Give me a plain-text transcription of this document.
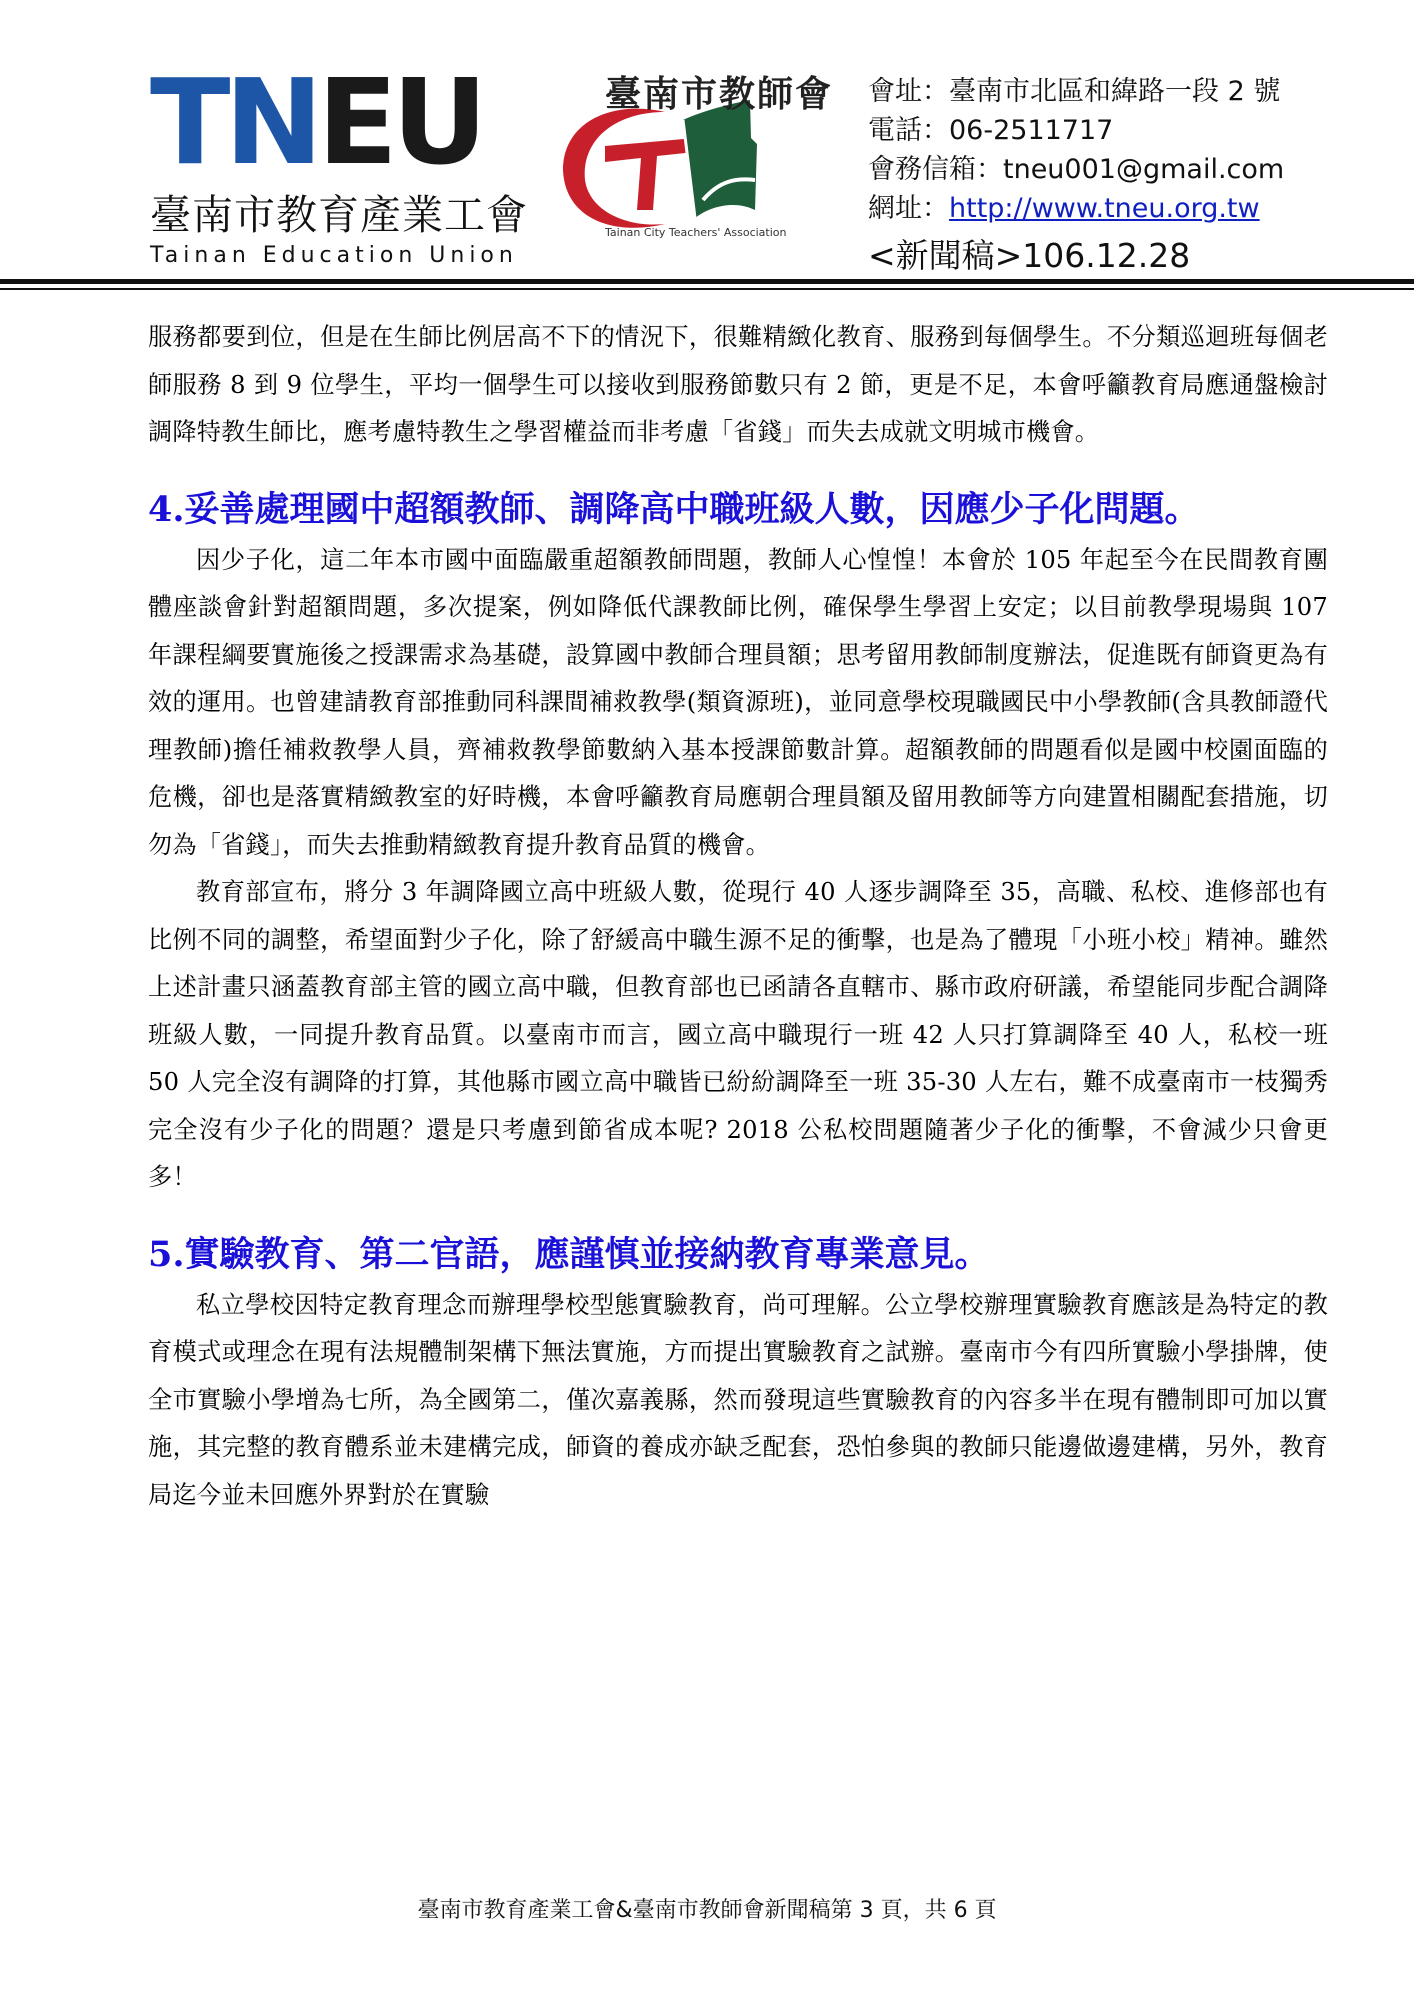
TNEU
臺南市教育產業工會
Tainan Education Union
臺南市教師會
Tainan City Teachers' Association
會址：臺南市北區和緯路一段 2 號
電話：06-2511717
會務信箱：tneu001@gmail.com
網址：http://www.tneu.org.tw
<新聞稿>106.12.28

服務都要到位，但是在生師比例居高不下的情況下，很難精緻化教育、服務到每個學生。不分類巡迴班每個老師服務 8 到 9 位學生，平均一個學生可以接收到服務節數只有 2 節，更是不足，本會呼籲教育局應通盤檢討調降特教生師比，應考慮特教生之學習權益而非考慮「省錢」而失去成就文明城市機會。

4.妥善處理國中超額教師、調降高中職班級人數，因應少子化問題。

因少子化，這二年本市國中面臨嚴重超額教師問題，教師人心惶惶！本會於 105 年起至今在民間教育團體座談會針對超額問題，多次提案，例如降低代課教師比例，確保學生學習上安定；以目前教學現場與 107 年課程綱要實施後之授課需求為基礎，設算國中教師合理員額；思考留用教師制度辦法，促進既有師資更為有效的運用。也曾建請教育部推動同科課間補救教學(類資源班)，並同意學校現職國民中小學教師(含具教師證代理教師)擔任補救教學人員，齊補救教學節數納入基本授課節數計算。超額教師的問題看似是國中校園面臨的危機，卻也是落實精緻教室的好時機，本會呼籲教育局應朝合理員額及留用教師等方向建置相關配套措施，切勿為「省錢」，而失去推動精緻教育提升教育品質的機會。

教育部宣布，將分 3 年調降國立高中班級人數，從現行 40 人逐步調降至 35，高職、私校、進修部也有比例不同的調整，希望面對少子化，除了舒緩高中職生源不足的衝擊，也是為了體現「小班小校」精神。雖然上述計畫只涵蓋教育部主管的國立高中職，但教育部也已函請各直轄市、縣市政府研議，希望能同步配合調降班級人數，一同提升教育品質。以臺南市而言，國立高中職現行一班 42 人只打算調降至 40 人，私校一班 50 人完全沒有調降的打算，其他縣市國立高中職皆已紛紛調降至一班 35-30 人左右，難不成臺南市一枝獨秀完全沒有少子化的問題？還是只考慮到節省成本呢? 2018 公私校問題隨著少子化的衝擊，不會減少只會更多！

5.實驗教育、第二官語，應謹慎並接納教育專業意見。

私立學校因特定教育理念而辦理學校型態實驗教育，尚可理解。公立學校辦理實驗教育應該是為特定的教育模式或理念在現有法規體制架構下無法實施，方而提出實驗教育之試辦。臺南市今有四所實驗小學掛牌，使全市實驗小學增為七所，為全國第二，僅次嘉義縣，然而發現這些實驗教育的內容多半在現有體制即可加以實施，其完整的教育體系並未建構完成，師資的養成亦缺乏配套，恐怕參與的教師只能邊做邊建構，另外，教育局迄今並未回應外界對於在實驗

臺南市教育產業工會&臺南市教師會新聞稿第 3 頁，共 6 頁
